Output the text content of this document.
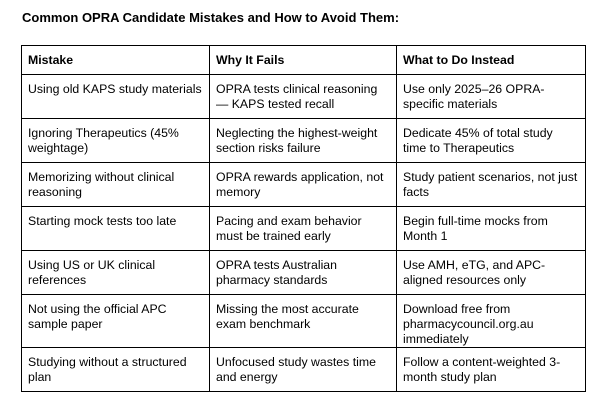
Common OPRA Candidate Mistakes and How to Avoid Them:
Mistake	Why It Fails	What to Do Instead
Using old KAPS study materials	OPRA tests clinical reasoning — KAPS tested recall	Use only 2025–26 OPRA-specific materials
Ignoring Therapeutics (45% weightage)	Neglecting the highest-weight section risks failure	Dedicate 45% of total study time to Therapeutics
Memorizing without clinical reasoning	OPRA rewards application, not memory	Study patient scenarios, not just facts
Starting mock tests too late	Pacing and exam behavior must be trained early	Begin full-time mocks from Month 1
Using US or UK clinical references	OPRA tests Australian pharmacy standards	Use AMH, eTG, and APC-aligned resources only
Not using the official APC sample paper	Missing the most accurate exam benchmark	Download free from pharmacycouncil.org.au immediately
Studying without a structured plan	Unfocused study wastes time and energy	Follow a content-weighted 3-month study plan
